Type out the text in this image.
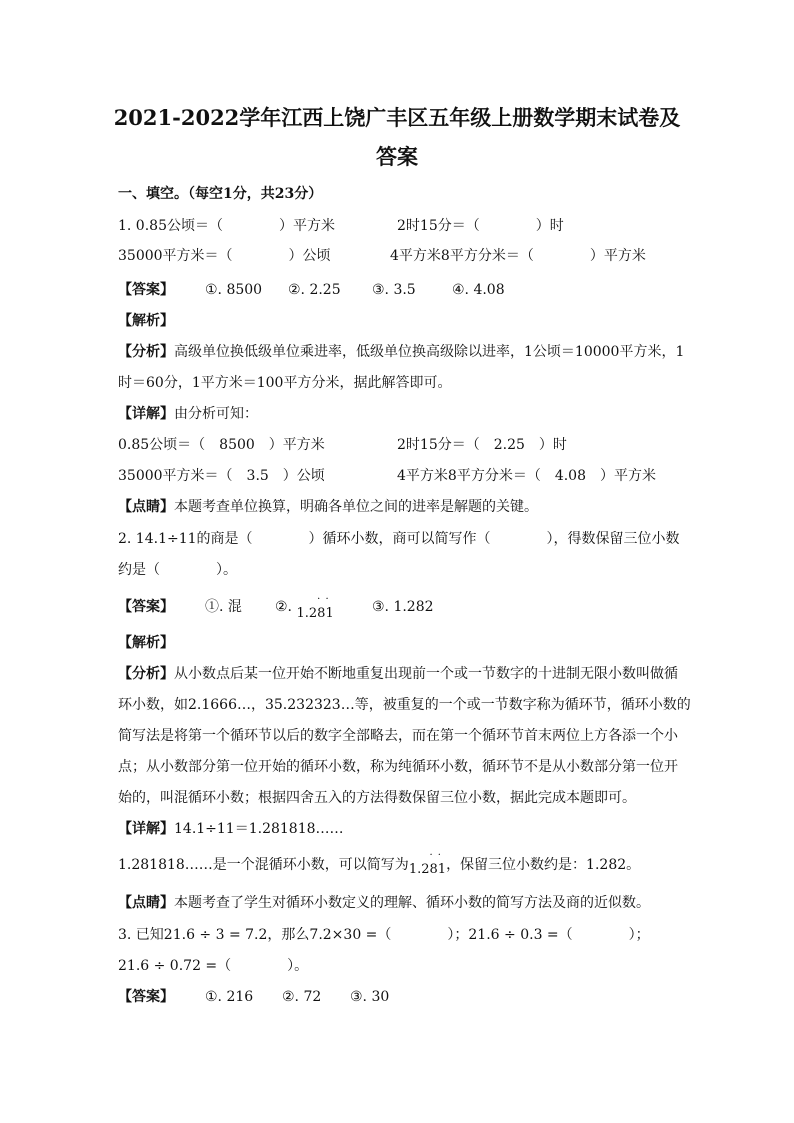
2021-2022学年江西上饶广丰区五年级上册数学期末试卷及
答案
一、填空。（每空1分，共23分）
1. 0.85公顷＝（　　　　）平方米	2时15分＝（　　　　）时
35000平方米＝（　　　　）公顷	4平方米8平方分米＝（　　　　）平方米
【答案】 ①. 8500 ②. 2.25 ③. 3.5	④. 4.08
【解析】
【分析】高级单位换低级单位乘进率，低级单位换高级除以进率，1公顷＝10000平方米，1
时＝60分，1平方米＝100平方分米，据此解答即可。
【详解】由分析可知：
0.85公顷＝（　8500　）平方米	2时15分＝（　2.25　）时
35000平方米＝（　3.5　）公顷	4平方米8平方分米＝（　4.08　）平方米
【点睛】本题考查单位换算，明确各单位之间的进率是解题的关键。
2. 14.1÷11的商是（　　　　）循环小数，商可以简写作（　　　　），得数保留三位小数
约是（　　　　）。
【答案】 ①. 混 ②. 1.2
·
8
·
1	③. 1.282
【解析】
【分析】从小数点后某一位开始不断地重复出现前一个或一节数字的十进制无限小数叫做循
环小数，如2.1666…，35.232323…等，被重复的一个或一节数字称为循环节，循环小数的
简写法是将第一个循环节以后的数字全部略去，而在第一个循环节首末两位上方各添一个小
点；从小数部分第一位开始的循环小数，称为纯循环小数，循环节不是从小数部分第一位开
始的，叫混循环小数；根据四舍五入的方法得数保留三位小数，据此完成本题即可。
【详解】14.1÷11＝1.281818……
1.281818……是一个混循环小数，可以简写为1.2
·
8
·
1，保留三位小数约是：1.282。
【点睛】本题考查了学生对循环小数定义的理解、循环小数的简写方法及商的近似数。
3. 已知21.6 ÷ 3 = 7.2，那么7.2×30 =（　　　　）；21.6 ÷ 0.3 =（　　　　）；
21.6 ÷ 0.72 =（　　　　）。
【答案】 ①. 216 ②. 72 ③. 30
